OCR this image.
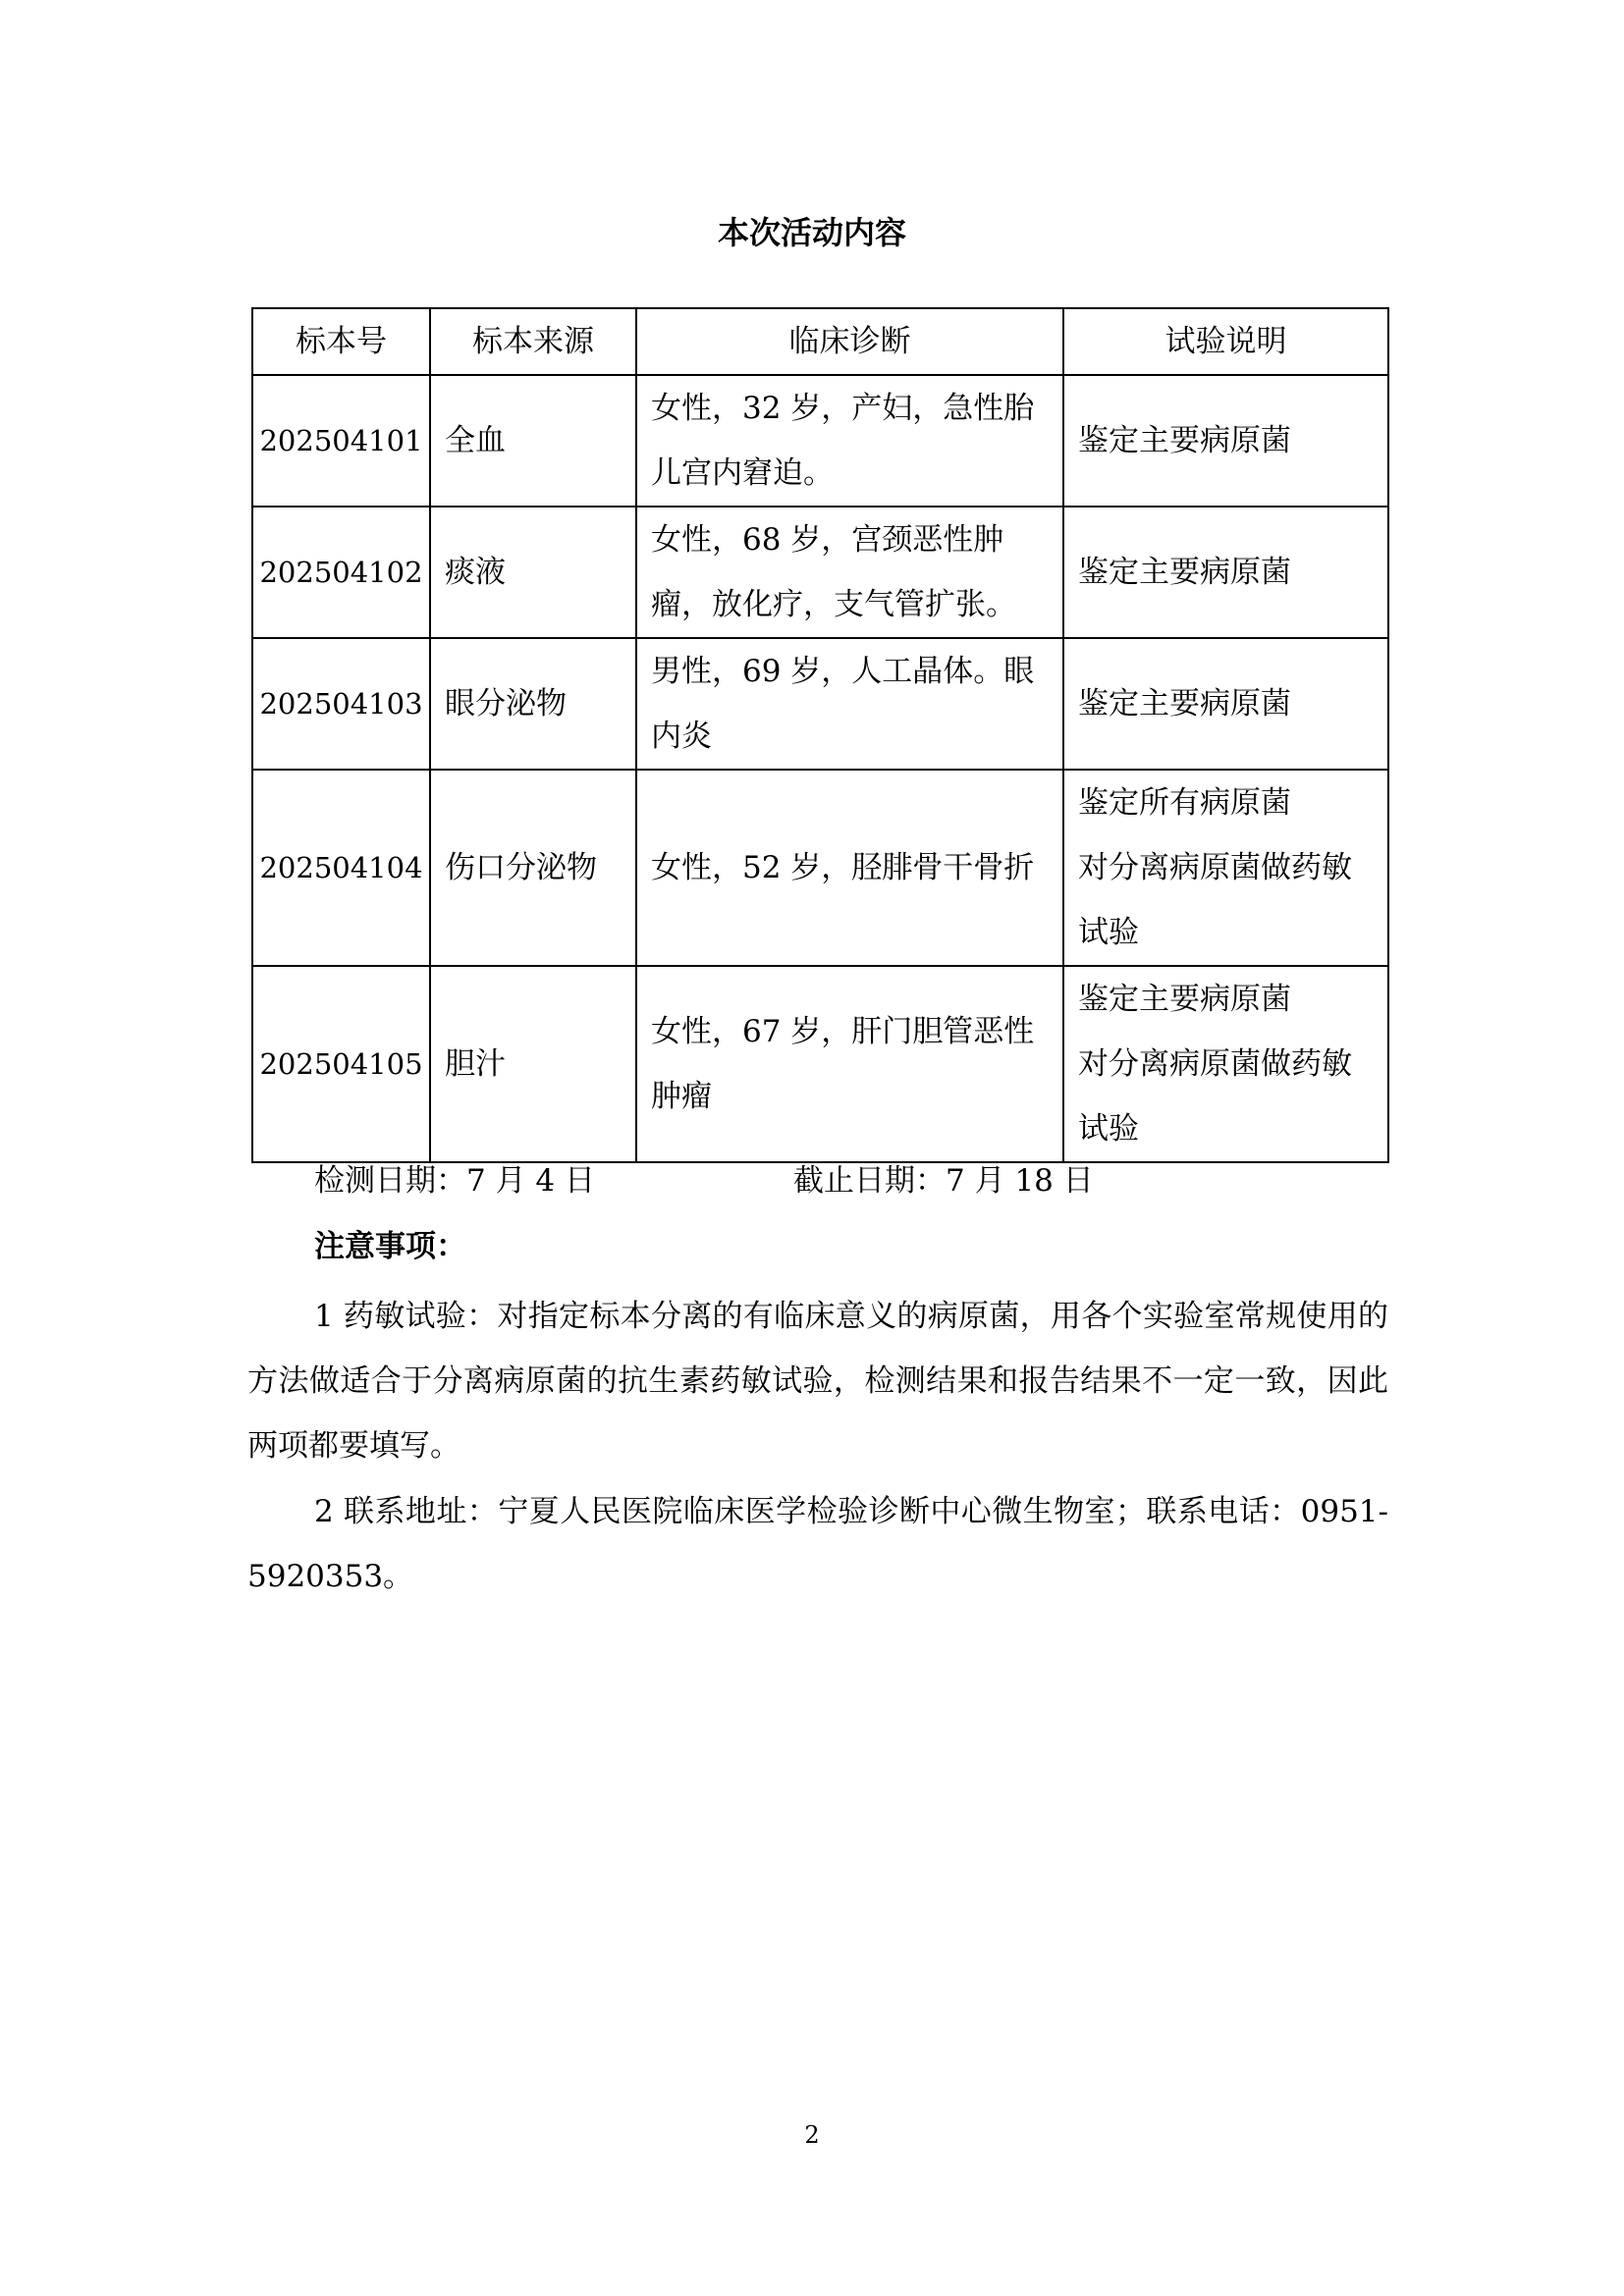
本次活动内容
标本号	标本来源	临床诊断	试验说明
202504101	全血	女性，32 岁，产妇，急性胎儿宫内窘迫。	鉴定主要病原菌

202504102	痰液	女性，68 岁，宫颈恶性肿瘤，放化疗，支气管扩张。	鉴定主要病原菌

202504103	眼分泌物	男性，69 岁，人工晶体。眼内炎	鉴定主要病原菌

202504104	伤口分泌物	女性，52 岁，胫腓骨干骨折	鉴定所有病原菌
对分离病原菌做药敏试验

202504105	胆汁	女性，67 岁，肝门胆管恶性肿瘤	鉴定主要病原菌
对分离病原菌做药敏试验
检测日期：7 月 4 日	截止日期：7 月 18 日
注意事项：
1 药敏试验：对指定标本分离的有临床意义的病原菌，用各个实验室常规使用的方法做适合于分离病原菌的抗生素药敏试验，检测结果和报告结果不一定一致，因此两项都要填写。
2 联系地址：宁夏人民医院临床医学检验诊断中心微生物室；联系电话：0951-5920353。
2
